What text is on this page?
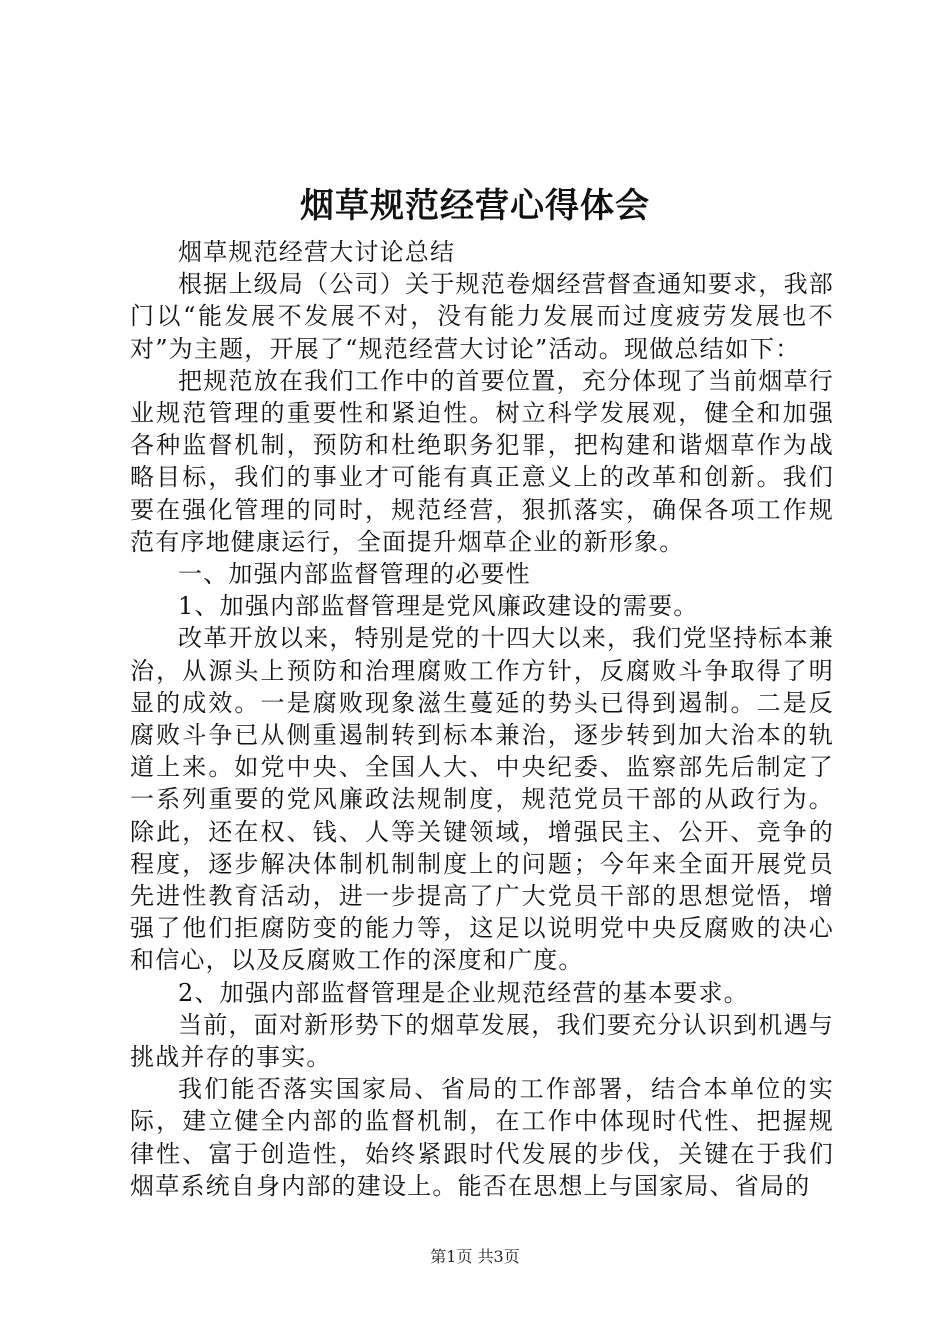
烟草规范经营心得体会

烟草规范经营大讨论总结

根据上级局（公司）关于规范卷烟经营督查通知要求，我部门以“能发展不发展不对，没有能力发展而过度疲劳发展也不对”为主题，开展了“规范经营大讨论”活动。现做总结如下：

把规范放在我们工作中的首要位置，充分体现了当前烟草行业规范管理的重要性和紧迫性。树立科学发展观，健全和加强各种监督机制，预防和杜绝职务犯罪，把构建和谐烟草作为战略目标，我们的事业才可能有真正意义上的改革和创新。我们要在强化管理的同时，规范经营，狠抓落实，确保各项工作规范有序地健康运行，全面提升烟草企业的新形象。

一、加强内部监督管理的必要性

1、加强内部监督管理是党风廉政建设的需要。

改革开放以来，特别是党的十四大以来，我们党坚持标本兼治，从源头上预防和治理腐败工作方针，反腐败斗争取得了明显的成效。一是腐败现象滋生蔓延的势头已得到遏制。二是反腐败斗争已从侧重遏制转到标本兼治，逐步转到加大治本的轨道上来。如党中央、全国人大、中央纪委、监察部先后制定了一系列重要的党风廉政法规制度，规范党员干部的从政行为。除此，还在权、钱、人等关键领域，增强民主、公开、竞争的程度，逐步解决体制机制制度上的问题；今年来全面开展党员先进性教育活动，进一步提高了广大党员干部的思想觉悟，增强了他们拒腐防变的能力等，这足以说明党中央反腐败的决心和信心，以及反腐败工作的深度和广度。

2、加强内部监督管理是企业规范经营的基本要求。

当前，面对新形势下的烟草发展，我们要充分认识到机遇与挑战并存的事实。

我们能否落实国家局、省局的工作部署，结合本单位的实际，建立健全内部的监督机制，在工作中体现时代性、把握规律性、富于创造性，始终紧跟时代发展的步伐，关键在于我们烟草系统自身内部的建设上。能否在思想上与国家局、省局的

第1页 共3页
